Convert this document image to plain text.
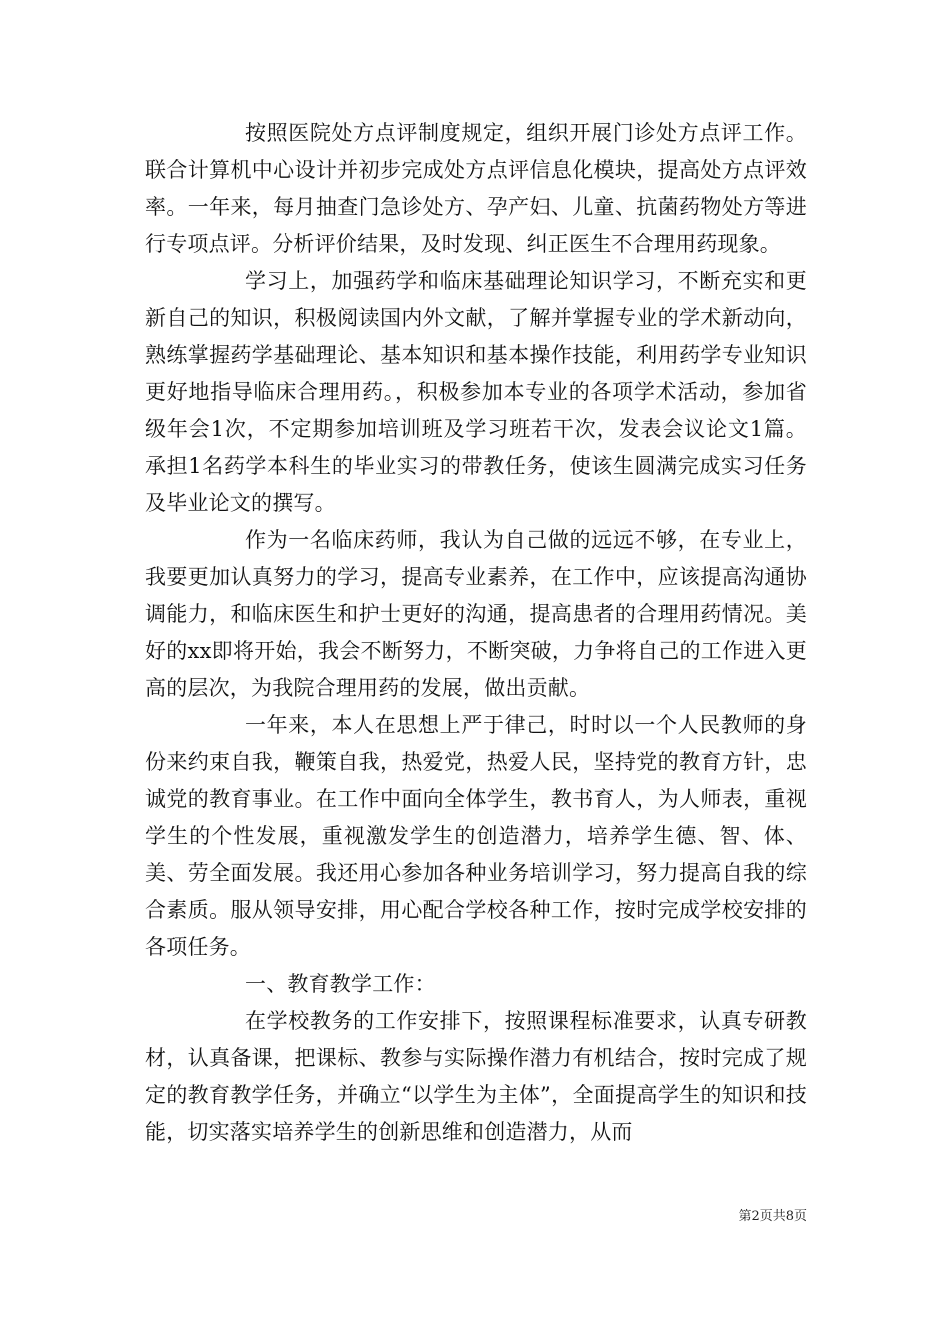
按照医院处方点评制度规定，组织开展门诊处方点评工作。联合计算机中心设计并初步完成处方点评信息化模块，提高处方点评效率。一年来，每月抽查门急诊处方、孕产妇、儿童、抗菌药物处方等进行专项点评。分析评价结果，及时发现、纠正医生不合理用药现象。

学习上，加强药学和临床基础理论知识学习，不断充实和更新自己的知识，积极阅读国内外文献，了解并掌握专业的学术新动向，熟练掌握药学基础理论、基本知识和基本操作技能，利用药学专业知识更好地指导临床合理用药。，积极参加本专业的各项学术活动，参加省级年会1次，不定期参加培训班及学习班若干次，发表会议论文1篇。承担1名药学本科生的毕业实习的带教任务，使该生圆满完成实习任务及毕业论文的撰写。

作为一名临床药师，我认为自己做的远远不够，在专业上，我要更加认真努力的学习，提高专业素养，在工作中，应该提高沟通协调能力，和临床医生和护士更好的沟通，提高患者的合理用药情况。美好的xx即将开始，我会不断努力，不断突破，力争将自己的工作进入更高的层次，为我院合理用药的发展，做出贡献。

一年来，本人在思想上严于律己，时时以一个人民教师的身份来约束自我，鞭策自我，热爱党，热爱人民，坚持党的教育方针，忠诚党的教育事业。在工作中面向全体学生，教书育人，为人师表，重视学生的个性发展，重视激发学生的创造潜力，培养学生德、智、体、美、劳全面发展。我还用心参加各种业务培训学习，努力提高自我的综合素质。服从领导安排，用心配合学校各种工作，按时完成学校安排的各项任务。

一、教育教学工作：

在学校教务的工作安排下，按照课程标准要求，认真专研教材，认真备课，把课标、教参与实际操作潜力有机结合，按时完成了规定的教育教学任务，并确立“以学生为主体”，全面提高学生的知识和技能，切实落实培养学生的创新思维和创造潜力，从而

第2页共8页
